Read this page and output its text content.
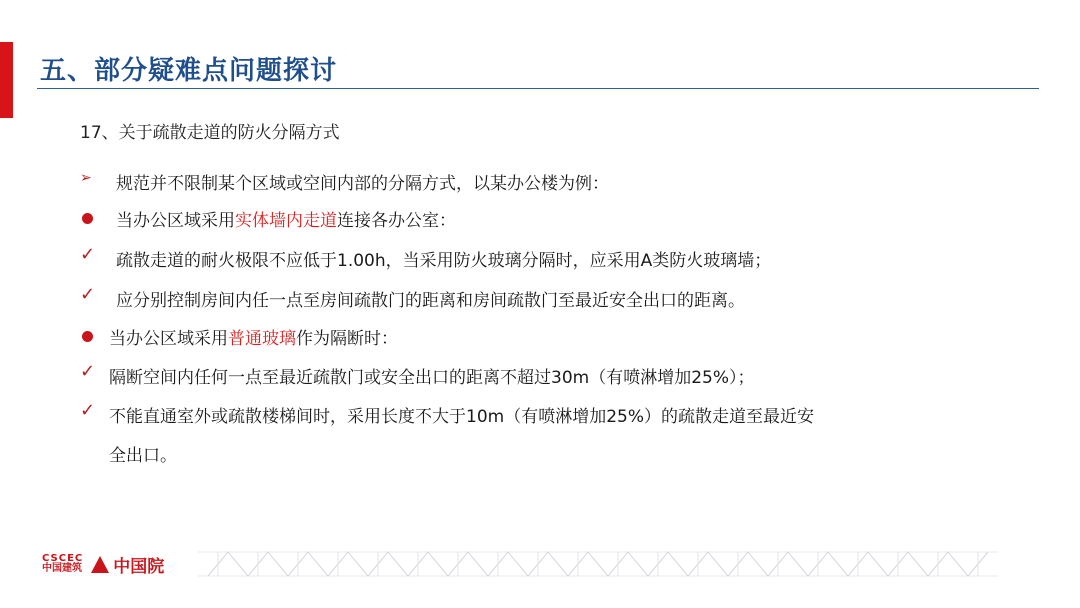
五、部分疑难点问题探讨
17、关于疏散走道的防火分隔方式
➢ 规范并不限制某个区域或空间内部的分隔方式，以某办公楼为例：
当办公区域采用实体墙内走道连接各办公室：
✓ 疏散走道的耐火极限不应低于1.00h，当采用防火玻璃分隔时，应采用A类防火玻璃墙；
✓ 应分别控制房间内任一点至房间疏散门的距离和房间疏散门至最近安全出口的距离。
当办公区域采用普通玻璃作为隔断时：
✓ 隔断空间内任何一点至最近疏散门或安全出口的距离不超过30m（有喷淋增加25%）；
✓ 不能直通室外或疏散楼梯间时，采用长度不大于10m（有喷淋增加25%）的疏散走道至最近安
全出口。
CSCEC
中国建筑 中国院
